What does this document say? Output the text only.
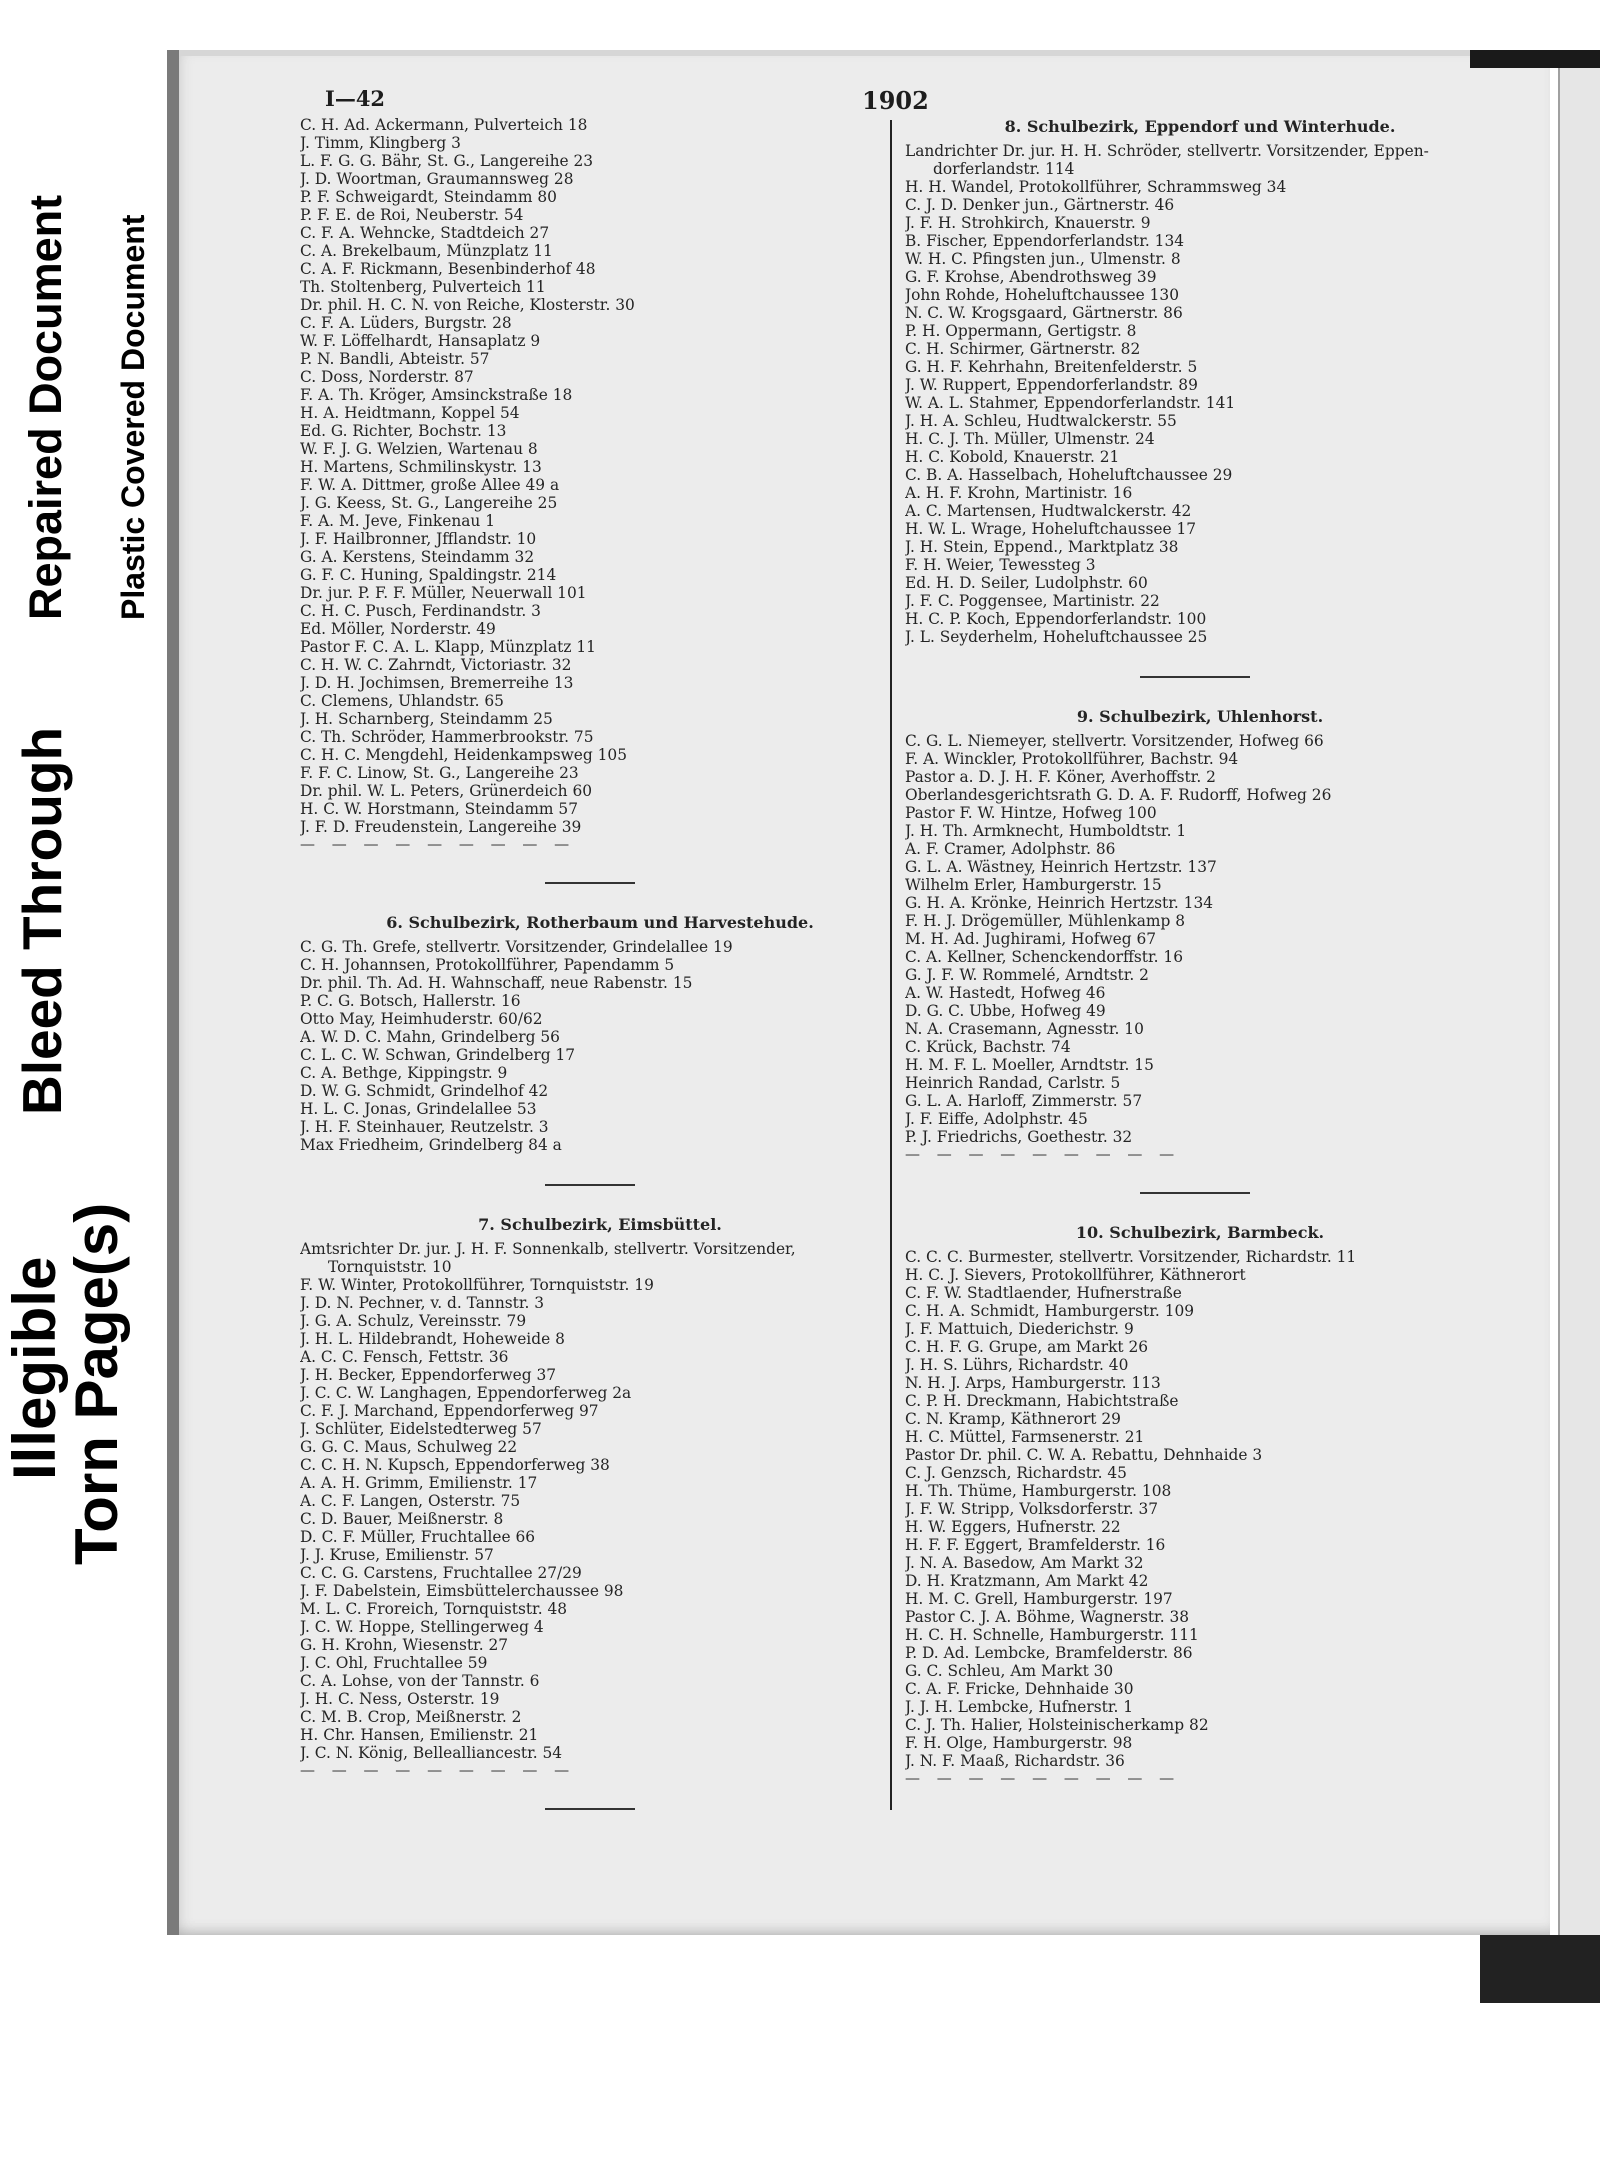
Torn Page(s)
Illegible
Bleed Through
Repaired Document Plastic Covered Document
I—42	1902
C. H. Ad. Ackermann, Pulverteich 18
J. Timm, Klingberg 3
L. F. G. G. Bähr, St. G., Langereihe 23
J. D. Woortman, Graumannsweg 28
P. F. Schweigardt, Steindamm 80
P. F. E. de Roi, Neuberstr. 54
C. F. A. Wehncke, Stadtdeich 27
C. A. Brekelbaum, Münzplatz 11
C. A. F. Rickmann, Besenbinderhof 48
Th. Stoltenberg, Pulverteich 11
Dr. phil. H. C. N. von Reiche, Klosterstr. 30
C. F. A. Lüders, Burgstr. 28
W. F. Löffelhardt, Hansaplatz 9
P. N. Bandli, Abteistr. 57
C. Doss, Norderstr. 87
F. A. Th. Kröger, Amsinckstraße 18
H. A. Heidtmann, Koppel 54
Ed. G. Richter, Bochstr. 13
W. F. J. G. Welzien, Wartenau 8
H. Martens, Schmilinskystr. 13
F. W. A. Dittmer, große Allee 49 a
J. G. Keess, St. G., Langereihe 25
F. A. M. Jeve, Finkenau 1
J. F. Hailbronner, Jfflandstr. 10
G. A. Kerstens, Steindamm 32
G. F. C. Huning, Spaldingstr. 214
Dr. jur. P. F. F. Müller, Neuerwall 101
C. H. C. Pusch, Ferdinandstr. 3
Ed. Möller, Norderstr. 49
Pastor F. C. A. L. Klapp, Münzplatz 11
C. H. W. C. Zahrndt, Victoriastr. 32
J. D. H. Jochimsen, Bremerreihe 13
C. Clemens, Uhlandstr. 65
J. H. Scharnberg, Steindamm 25
C. Th. Schröder, Hammerbrookstr. 75
C. H. C. Mengdehl, Heidenkampsweg 105
F. F. C. Linow, St. G., Langereihe 23
Dr. phil. W. L. Peters, Grünerdeich 60
H. C. W. Horstmann, Steindamm 57
J. F. D. Freudenstein, Langereihe 39
— — — — — — — — —
6. Schulbezirk, Rotherbaum und Harvestehude.
C. G. Th. Grefe, stellvertr. Vorsitzender, Grindelallee 19
C. H. Johannsen, Protokollführer, Papendamm 5
Dr. phil. Th. Ad. H. Wahnschaff, neue Rabenstr. 15
P. C. G. Botsch, Hallerstr. 16
Otto May, Heimhuderstr. 60/62
A. W. D. C. Mahn, Grindelberg 56
C. L. C. W. Schwan, Grindelberg 17
C. A. Bethge, Kippingstr. 9
D. W. G. Schmidt, Grindelhof 42
H. L. C. Jonas, Grindelallee 53
J. H. F. Steinhauer, Reutzelstr. 3
Max Friedheim, Grindelberg 84 a
7. Schulbezirk, Eimsbüttel.
Amtsrichter Dr. jur. J. H. F. Sonnenkalb, stellvertr. Vorsitzender,
Tornquiststr. 10
F. W. Winter, Protokollführer, Tornquiststr. 19
J. D. N. Pechner, v. d. Tannstr. 3
J. G. A. Schulz, Vereinsstr. 79
J. H. L. Hildebrandt, Hoheweide 8
A. C. C. Fensch, Fettstr. 36
J. H. Becker, Eppendorferweg 37
J. C. C. W. Langhagen, Eppendorferweg 2a
C. F. J. Marchand, Eppendorferweg 97
J. Schlüter, Eidelstedterweg 57
G. G. C. Maus, Schulweg 22
C. C. H. N. Kupsch, Eppendorferweg 38
A. A. H. Grimm, Emilienstr. 17
A. C. F. Langen, Osterstr. 75
C. D. Bauer, Meißnerstr. 8
D. C. F. Müller, Fruchtallee 66
J. J. Kruse, Emilienstr. 57
C. C. G. Carstens, Fruchtallee 27/29
J. F. Dabelstein, Eimsbüttelerchaussee 98
M. L. C. Froreich, Tornquiststr. 48
J. C. W. Hoppe, Stellingerweg 4
G. H. Krohn, Wiesenstr. 27
J. C. Ohl, Fruchtallee 59
C. A. Lohse, von der Tannstr. 6
J. H. C. Ness, Osterstr. 19
C. M. B. Crop, Meißnerstr. 2
H. Chr. Hansen, Emilienstr. 21
J. C. N. König, Bellealliancestr. 54
— — — — — — — — —
8. Schulbezirk, Eppendorf und Winterhude.
Landrichter Dr. jur. H. H. Schröder, stellvertr. Vorsitzender, Eppen-
dorferlandstr. 114
H. H. Wandel, Protokollführer, Schrammsweg 34
C. J. D. Denker jun., Gärtnerstr. 46
J. F. H. Strohkirch, Knauerstr. 9
B. Fischer, Eppendorferlandstr. 134
W. H. C. Pfingsten jun., Ulmenstr. 8
G. F. Krohse, Abendrothsweg 39
John Rohde, Hoheluftchaussee 130
N. C. W. Krogsgaard, Gärtnerstr. 86
P. H. Oppermann, Gertigstr. 8
C. H. Schirmer, Gärtnerstr. 82
G. H. F. Kehrhahn, Breitenfelderstr. 5
J. W. Ruppert, Eppendorferlandstr. 89
W. A. L. Stahmer, Eppendorferlandstr. 141
J. H. A. Schleu, Hudtwalckerstr. 55
H. C. J. Th. Müller, Ulmenstr. 24
H. C. Kobold, Knauerstr. 21
C. B. A. Hasselbach, Hoheluftchaussee 29
A. H. F. Krohn, Martinistr. 16
A. C. Martensen, Hudtwalckerstr. 42
H. W. L. Wrage, Hoheluftchaussee 17
J. H. Stein, Eppend., Marktplatz 38
F. H. Weier, Tewessteg 3
Ed. H. D. Seiler, Ludolphstr. 60
J. F. C. Poggensee, Martinistr. 22
H. C. P. Koch, Eppendorferlandstr. 100
J. L. Seyderhelm, Hoheluftchaussee 25
9. Schulbezirk, Uhlenhorst.
C. G. L. Niemeyer, stellvertr. Vorsitzender, Hofweg 66
F. A. Winckler, Protokollführer, Bachstr. 94
Pastor a. D. J. H. F. Köner, Averhoffstr. 2
Oberlandesgerichtsrath G. D. A. F. Rudorff, Hofweg 26
Pastor F. W. Hintze, Hofweg 100
J. H. Th. Armknecht, Humboldtstr. 1
A. F. Cramer, Adolphstr. 86
G. L. A. Wästney, Heinrich Hertzstr. 137
Wilhelm Erler, Hamburgerstr. 15
G. H. A. Krönke, Heinrich Hertzstr. 134
F. H. J. Drögemüller, Mühlenkamp 8
M. H. Ad. Jughirami, Hofweg 67
C. A. Kellner, Schenckendorffstr. 16
G. J. F. W. Rommelé, Arndtstr. 2
A. W. Hastedt, Hofweg 46
D. G. C. Ubbe, Hofweg 49
N. A. Crasemann, Agnesstr. 10
C. Krück, Bachstr. 74
H. M. F. L. Moeller, Arndtstr. 15
Heinrich Randad, Carlstr. 5
G. L. A. Harloff, Zimmerstr. 57
J. F. Eiffe, Adolphstr. 45
P. J. Friedrichs, Goethestr. 32
— — — — — — — — —
10. Schulbezirk, Barmbeck.
C. C. C. Burmester, stellvertr. Vorsitzender, Richardstr. 11
H. C. J. Sievers, Protokollführer, Käthnerort
C. F. W. Stadtlaender, Hufnerstraße
C. H. A. Schmidt, Hamburgerstr. 109
J. F. Mattuich, Diederichstr. 9
C. H. F. G. Grupe, am Markt 26
J. H. S. Lührs, Richardstr. 40
N. H. J. Arps, Hamburgerstr. 113
C. P. H. Dreckmann, Habichtstraße
C. N. Kramp, Käthnerort 29
H. C. Müttel, Farmsenerstr. 21
Pastor Dr. phil. C. W. A. Rebattu, Dehnhaide 3
C. J. Genzsch, Richardstr. 45
H. Th. Thüme, Hamburgerstr. 108
J. F. W. Stripp, Volksdorferstr. 37
H. W. Eggers, Hufnerstr. 22
H. F. F. Eggert, Bramfelderstr. 16
J. N. A. Basedow, Am Markt 32
D. H. Kratzmann, Am Markt 42
H. M. C. Grell, Hamburgerstr. 197
Pastor C. J. A. Böhme, Wagnerstr. 38
H. C. H. Schnelle, Hamburgerstr. 111
P. D. Ad. Lembcke, Bramfelderstr. 86
G. C. Schleu, Am Markt 30
C. A. F. Fricke, Dehnhaide 30
J. J. H. Lembcke, Hufnerstr. 1
C. J. Th. Halier, Holsteinischerkamp 82
F. H. Olge, Hamburgerstr. 98
J. N. F. Maaß, Richardstr. 36
— — — — — — — — —
